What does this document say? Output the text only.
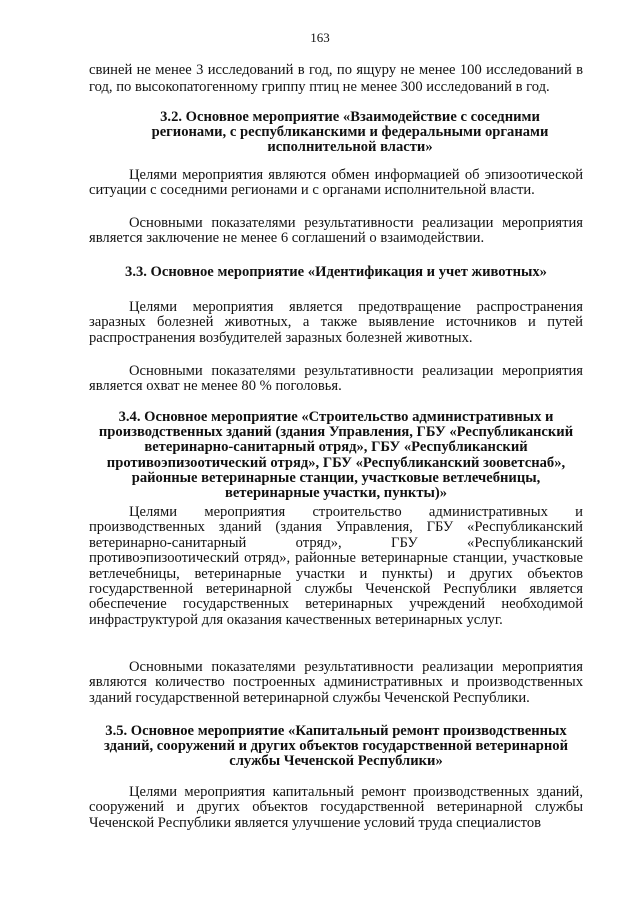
163
свиней не менее 3 исследований в год, по ящуру не менее 100 исследований в
год, по высокопатогенному гриппу птиц не менее 300 исследований в год.
3.2. Основное мероприятие «Взаимодействие с соседними регионами, с республиканскими и федеральными органами исполнительной власти»
Целями мероприятия являются обмен информацией об эпизоотической ситуации с соседними регионами и с органами исполнительной власти.
Основными показателями результативности реализации мероприятия является заключение не менее 6 соглашений о взаимодействии.
3.3. Основное мероприятие «Идентификация и учет животных»
Целями мероприятия является предотвращение распространения заразных болезней животных, а также выявление источников и путей распространения возбудителей заразных болезней животных.
Основными показателями результативности реализации мероприятия является охват не менее 80 % поголовья.
3.4. Основное мероприятие «Строительство административных и производственных зданий (здания Управления, ГБУ «Республиканский ветеринарно-санитарный отряд», ГБУ «Республиканский противоэпизоотический отряд», ГБУ «Республиканский зооветснаб», районные ветеринарные станции, участковые ветлечебницы, ветеринарные участки, пункты)»
Целями мероприятия строительство административных и производственных зданий (здания Управления, ГБУ «Республиканский ветеринарно-санитарный отряд», ГБУ «Республиканский противоэпизоотический отряд», районные ветеринарные станции, участковые ветлечебницы, ветеринарные участки и пункты) и других объектов государственной ветеринарной службы Чеченской Республики является обеспечение государственных ветеринарных учреждений необходимой инфраструктурой для оказания качественных ветеринарных услуг.
Основными показателями результативности реализации мероприятия являются количество построенных административных и производственных зданий государственной ветеринарной службы Чеченской Республики.
3.5. Основное мероприятие «Капитальный ремонт производственных зданий, сооружений и других объектов государственной ветеринарной службы Чеченской Республики»
Целями мероприятия капитальный ремонт производственных зданий, сооружений и других объектов государственной ветеринарной службы Чеченской Республики является улучшение условий труда специалистов
